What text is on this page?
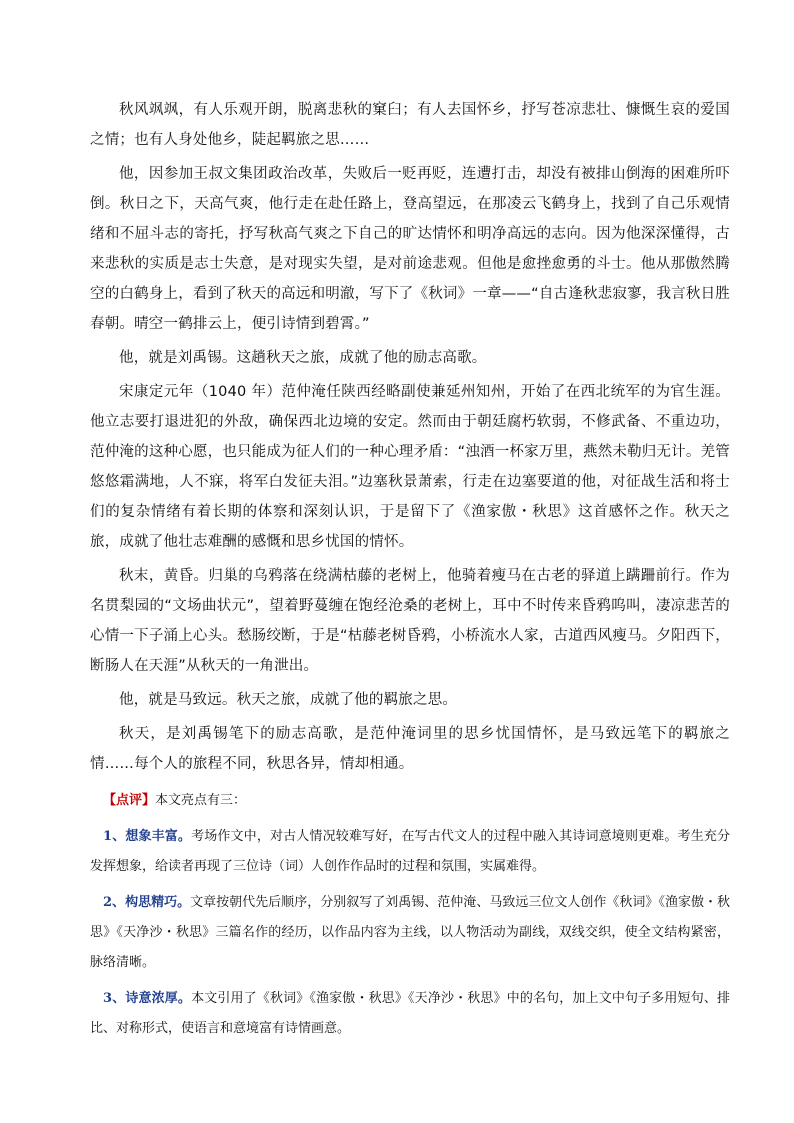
秋风飒飒，有人乐观开朗，脱离悲秋的窠臼；有人去国怀乡，抒写苍凉悲壮、慷慨生哀的爱国之情；也有人身处他乡，陡起羁旅之思……

他，因参加王叔文集团政治改革，失败后一贬再贬，连遭打击，却没有被排山倒海的困难所吓倒。秋日之下，天高气爽，他行走在赴任路上，登高望远，在那凌云飞鹤身上，找到了自己乐观情绪和不屈斗志的寄托，抒写秋高气爽之下自己的旷达情怀和明净高远的志向。因为他深深懂得，古来悲秋的实质是志士失意，是对现实失望，是对前途悲观。但他是愈挫愈勇的斗士。他从那傲然腾空的白鹤身上，看到了秋天的高远和明澈，写下了《秋词》一章——“自古逢秋悲寂寥，我言秋日胜春朝。晴空一鹤排云上，便引诗情到碧霄。”

他，就是刘禹锡。这趟秋天之旅，成就了他的励志高歌。

宋康定元年（1040 年）范仲淹任陕西经略副使兼延州知州，开始了在西北统军的为官生涯。他立志要打退进犯的外敌，确保西北边境的安定。然而由于朝廷腐朽软弱，不修武备、不重边功，范仲淹的这种心愿，也只能成为征人们的一种心理矛盾：“浊酒一杯家万里，燕然未勒归无计。羌管悠悠霜满地，人不寐，将军白发征夫泪。”边塞秋景萧索，行走在边塞要道的他，对征战生活和将士们的复杂情绪有着长期的体察和深刻认识，于是留下了《渔家傲・秋思》这首感怀之作。秋天之旅，成就了他壮志难酬的感慨和思乡忧国的情怀。

秋末，黄昏。归巢的乌鸦落在绕满枯藤的老树上，他骑着瘦马在古老的驿道上蹒跚前行。作为名贯梨园的“文场曲状元”，望着野蔓缠在饱经沧桑的老树上，耳中不时传来昏鸦呜叫，凄凉悲苦的心情一下子涌上心头。愁肠绞断，于是“枯藤老树昏鸦，小桥流水人家，古道西风瘦马。夕阳西下，断肠人在天涯”从秋天的一角泄出。

他，就是马致远。秋天之旅，成就了他的羁旅之思。

秋天，是刘禹锡笔下的励志高歌，是范仲淹词里的思乡忧国情怀，是马致远笔下的羁旅之情……每个人的旅程不同，秋思各异，情却相通。

【点评】本文亮点有三：

1、想象丰富。考场作文中，对古人情况较难写好，在写古代文人的过程中融入其诗词意境则更难。考生充分发挥想象，给读者再现了三位诗（词）人创作作品时的过程和氛围，实属难得。

2、构思精巧。文章按朝代先后顺序，分别叙写了刘禹锡、范仲淹、马致远三位文人创作《秋词》《渔家傲・秋思》《天净沙・秋思》三篇名作的经历，以作品内容为主线，以人物活动为副线，双线交织，使全文结构紧密，脉络清晰。

3、诗意浓厚。本文引用了《秋词》《渔家傲・秋思》《天净沙・秋思》中的名句，加上文中句子多用短句、排比、对称形式，使语言和意境富有诗情画意。
